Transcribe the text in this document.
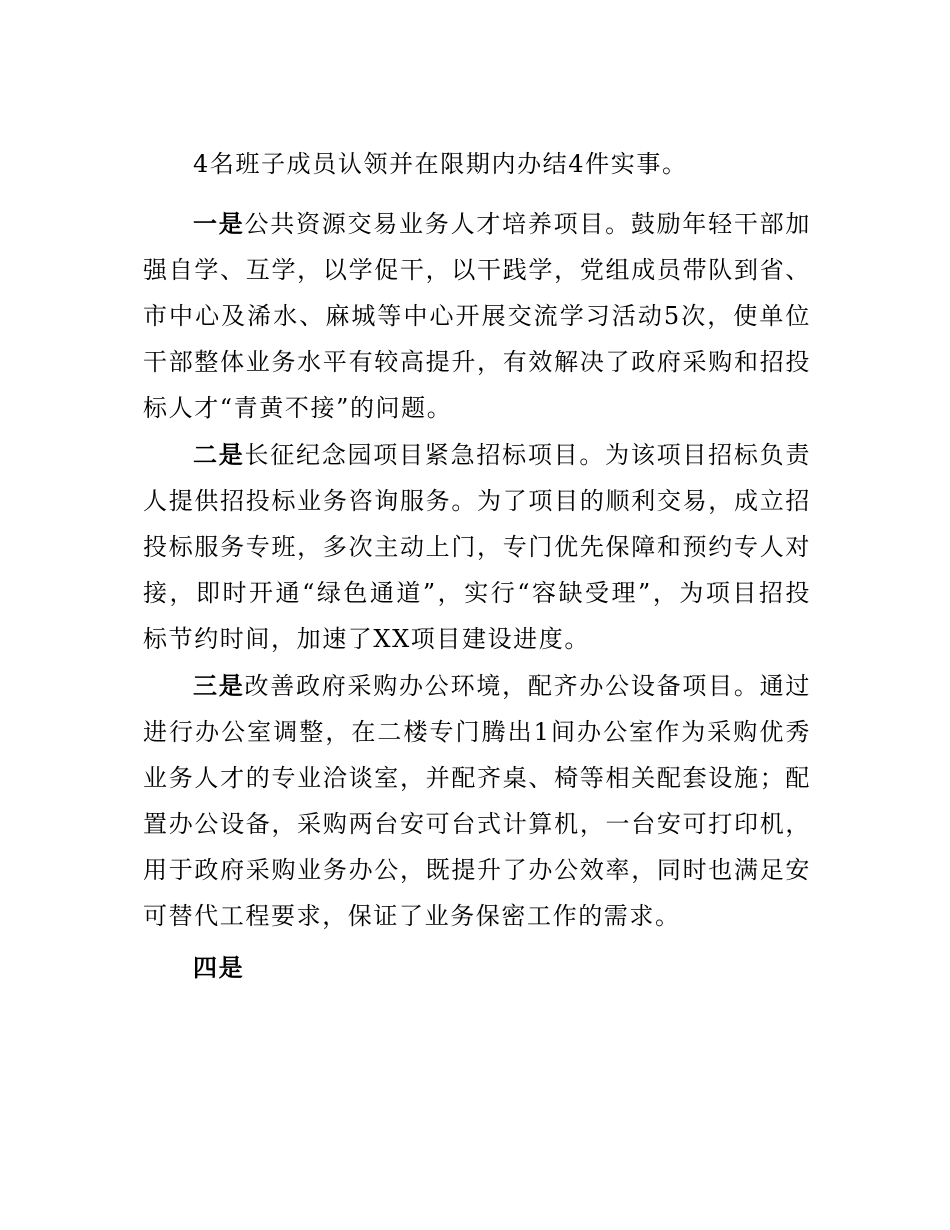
4名班子成员认领并在限期内办结4件实事。

一是公共资源交易业务人才培养项目。鼓励年轻干部加强自学、互学，以学促干，以干践学，党组成员带队到省、市中心及浠水、麻城等中心开展交流学习活动5次，使单位干部整体业务水平有较高提升，有效解决了政府采购和招投标人才“青黄不接”的问题。

二是长征纪念园项目紧急招标项目。为该项目招标负责人提供招投标业务咨询服务。为了项目的顺利交易，成立招投标服务专班，多次主动上门，专门优先保障和预约专人对接，即时开通“绿色通道”，实行“容缺受理”，为项目招投标节约时间，加速了XX项目建设进度。

三是改善政府采购办公环境，配齐办公设备项目。通过进行办公室调整，在二楼专门腾出1间办公室作为采购优秀业务人才的专业洽谈室，并配齐桌、椅等相关配套设施；配置办公设备，采购两台安可台式计算机，一台安可打印机，用于政府采购业务办公，既提升了办公效率，同时也满足安可替代工程要求，保证了业务保密工作的需求。

四是
